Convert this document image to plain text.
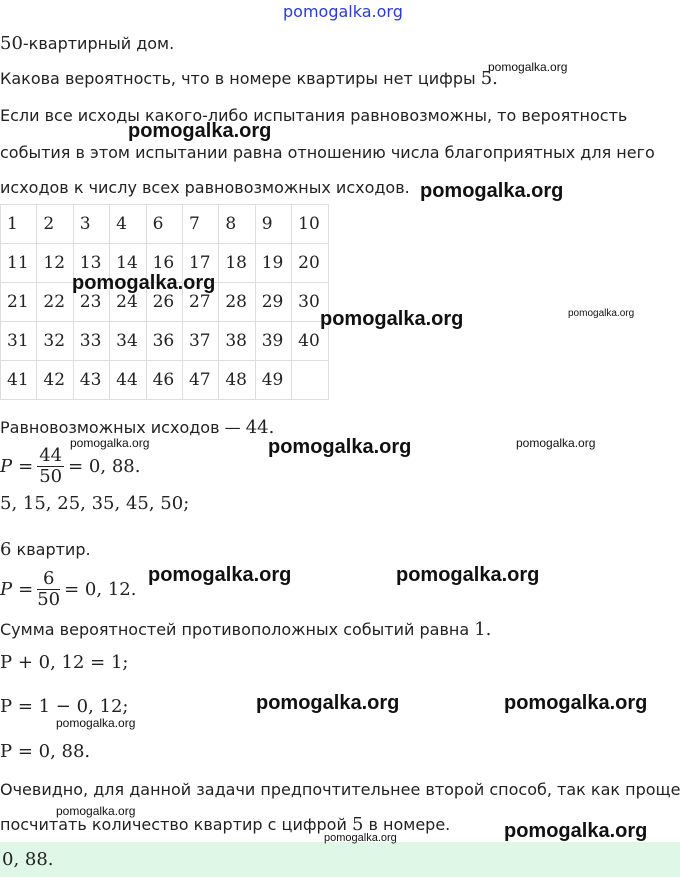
pomogalka.org
50-квартирный дом.
Какова вероятность, что в номере квартиры нет цифры 5.
Если все исходы какого-либо испытания равновозможны, то вероятность
события в этом испытании равна отношению числа благоприятных для него
исходов к числу всех равновозможных исходов.
1	2	3	4	6	7	8	9	10
11	12	13	14	16	17	18	19	20
21	22	23	24	26	27	28	29	30
31	32	33	34	36	37	38	39	40
41	42	43	44	46	47	48	49	
Равновозможных исходов — 44.
$P = \frac{44}{50} = 0$, 88.
5, 15, 25, 35, 45, 50;
6 квартир.
$P = \frac{6}{50} = 0$, 12.
Сумма вероятностей противоположных событий равна 1.
P + 0, 12 = 1;
P = 1 − 0, 12;
P = 0, 88.
Очевидно, для данной задачи предпочтительнее второй способ, так как проще
посчитать количество квартир с цифрой 5 в номере.
0, 88.
pomogalka.org
pomogalka.org
pomogalka.org
pomogalka.org
pomogalka.org	pomogalka.org
pomogalka.org	pomogalka.org	pomogalka.org
pomogalka.org	pomogalka.org
pomogalka.org	pomogalka.org
pomogalka.org
pomogalka.org
pomogalka.org
pomogalka.org
